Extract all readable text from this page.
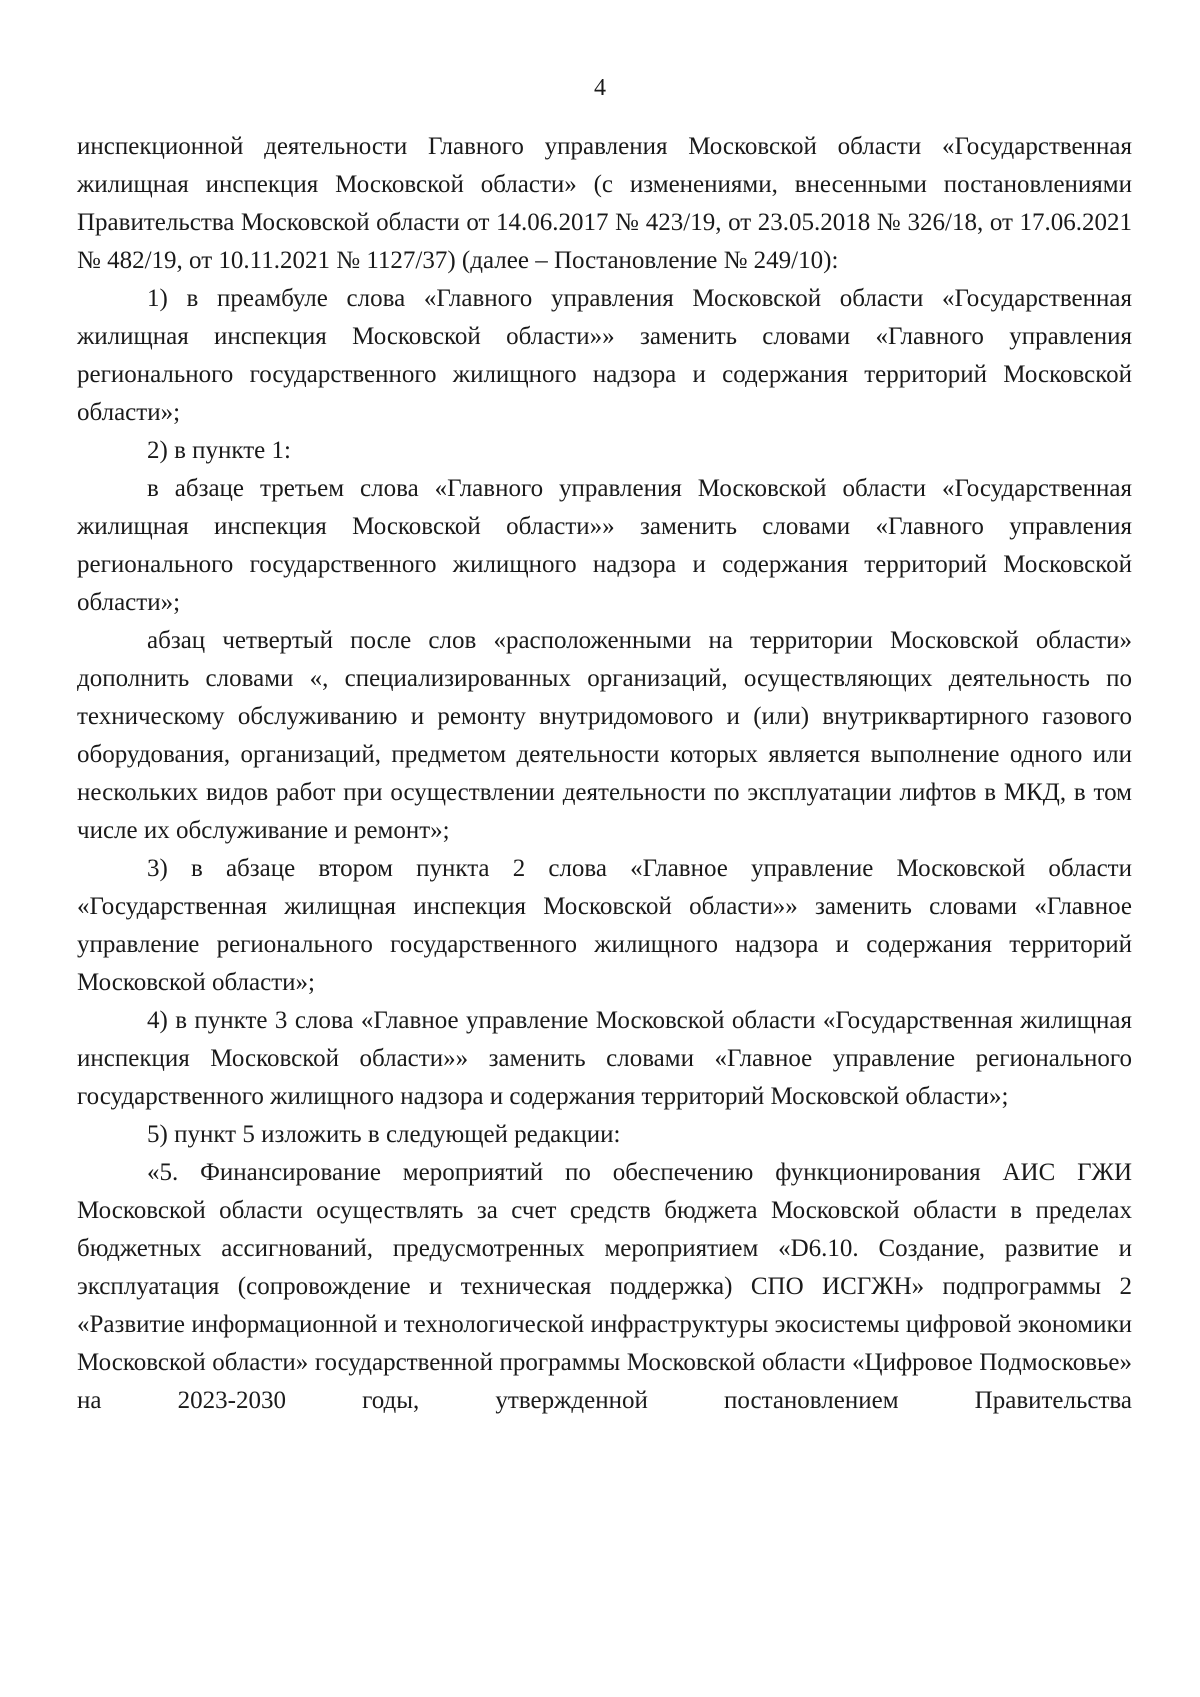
4

инспекционной деятельности Главного управления Московской области «Государственная жилищная инспекция Московской области» (с изменениями, внесенными постановлениями Правительства Московской области от 14.06.2017 № 423/19, от 23.05.2018 № 326/18, от 17.06.2021 № 482/19, от 10.11.2021 № 1127/37) (далее – Постановление № 249/10):

1) в преамбуле слова «Главного управления Московской области «Государственная жилищная инспекция Московской области»» заменить словами «Главного управления регионального государственного жилищного надзора и содержания территорий Московской области»;

2) в пункте 1:

в абзаце третьем слова «Главного управления Московской области «Государственная жилищная инспекция Московской области»» заменить словами «Главного управления регионального государственного жилищного надзора и содержания территорий Московской области»;

абзац четвертый после слов «расположенными на территории Московской области» дополнить словами «, специализированных организаций, осуществляющих деятельность по техническому обслуживанию и ремонту внутридомового и (или) внутриквартирного газового оборудования, организаций, предметом деятельности которых является выполнение одного или нескольких видов работ при осуществлении деятельности по эксплуатации лифтов в МКД, в том числе их обслуживание и ремонт»;

3) в абзаце втором пункта 2 слова «Главное управление Московской области «Государственная жилищная инспекция Московской области»» заменить словами «Главное управление регионального государственного жилищного надзора и содержания территорий Московской области»;

4) в пункте 3 слова «Главное управление Московской области «Государственная жилищная инспекция Московской области»» заменить словами «Главное управление регионального государственного жилищного надзора и содержания территорий Московской области»;

5) пункт 5 изложить в следующей редакции:

«5. Финансирование мероприятий по обеспечению функционирования АИС ГЖИ Московской области осуществлять за счет средств бюджета Московской области в пределах бюджетных ассигнований, предусмотренных мероприятием «D6.10. Создание, развитие и эксплуатация (сопровождение и техническая поддержка) СПО ИСГЖН» подпрограммы 2 «Развитие информационной и технологической инфраструктуры экосистемы цифровой экономики Московской области» государственной программы Московской области «Цифровое Подмосковье» на 2023-2030 годы, утвержденной постановлением Правительства
